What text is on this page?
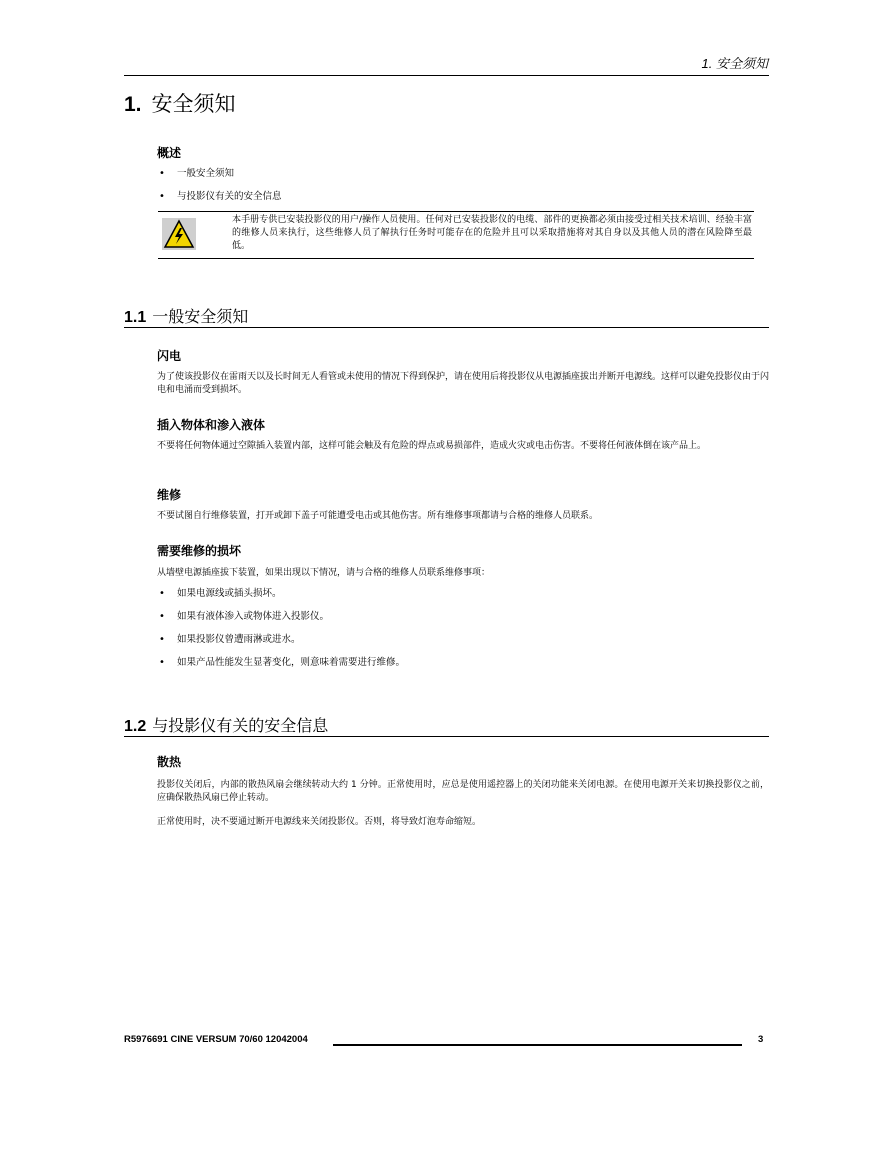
1. 安全须知
1. 安全须知
概述
• 一般安全须知
• 与投影仪有关的安全信息
本手册专供已安装投影仪的用户/操作人员使用。任何对已安装投影仪的电缆、部件的更换都必须由接受过相关技术培训、经验丰富的维修人员来执行，这些维修人员了解执行任务时可能存在的危险并且可以采取措施将对其自身以及其他人员的潜在风险降至最低。
1.1 一般安全须知
闪电
为了使该投影仪在雷雨天以及长时间无人看管或未使用的情况下得到保护，请在使用后将投影仪从电源插座拔出并断开电源线。这样可以避免投影仪由于闪电和电涌而受到损坏。
插入物体和渗入液体
不要将任何物体通过空隙插入装置内部，这样可能会触及有危险的焊点或易损部件，造成火灾或电击伤害。不要将任何液体倒在该产品上。
维修
不要试图自行维修装置，打开或卸下盖子可能遭受电击或其他伤害。所有维修事项都请与合格的维修人员联系。
需要维修的损坏
从墙壁电源插座拔下装置，如果出现以下情况，请与合格的维修人员联系维修事项：
• 如果电源线或插头损坏。
• 如果有液体渗入或物体进入投影仪。
• 如果投影仪曾遭雨淋或进水。
• 如果产品性能发生显著变化，则意味着需要进行维修。
1.2 与投影仪有关的安全信息
散热
投影仪关闭后，内部的散热风扇会继续转动大约 1 分钟。正常使用时，应总是使用遥控器上的关闭功能来关闭电源。在使用电源开关来切换投影仪之前，应确保散热风扇已停止转动。
正常使用时，决不要通过断开电源线来关闭投影仪。否则，将导致灯泡寿命缩短。
R5976691 CINE VERSUM 70/60 12042004	3
